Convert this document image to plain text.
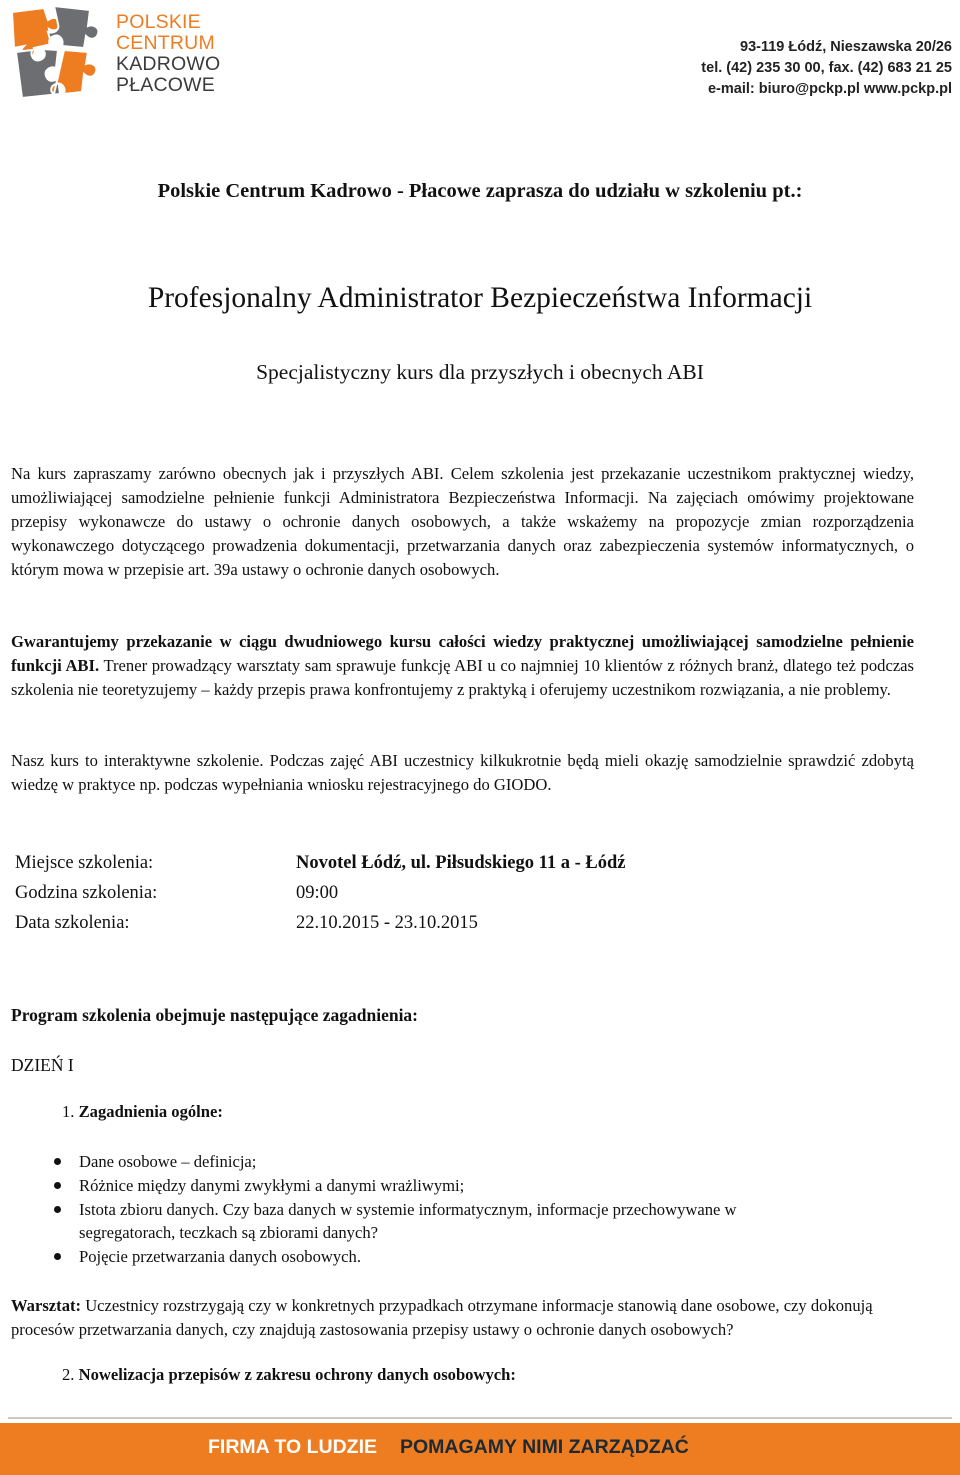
POLSKIE
CENTRUM
KADROWO
PŁACOWE
93-119 Łódź, Nieszawska 20/26
tel. (42) 235 30 00, fax. (42) 683 21 25
e-mail: biuro@pckp.pl www.pckp.pl
Polskie Centrum Kadrowo - Płacowe zaprasza do udziału w szkoleniu pt.:
Profesjonalny Administrator Bezpieczeństwa Informacji
Specjalistyczny kurs dla przyszłych i obecnych ABI
Na kurs zapraszamy zarówno obecnych jak i przyszłych ABI. Celem szkolenia jest przekazanie uczestnikom praktycznej wiedzy, umożliwiającej samodzielne pełnienie funkcji Administratora Bezpieczeństwa Informacji. Na zajęciach omówimy projektowane przepisy wykonawcze do ustawy o ochronie danych osobowych, a także wskażemy na propozycje zmian rozporządzenia wykonawczego dotyczącego prowadzenia dokumentacji, przetwarzania danych oraz zabezpieczenia systemów informatycznych, o którym mowa w przepisie art. 39a ustawy o ochronie danych osobowych.
Gwarantujemy przekazanie w ciągu dwudniowego kursu całości wiedzy praktycznej umożliwiającej samodzielne pełnienie funkcji ABI. Trener prowadzący warsztaty sam sprawuje funkcję ABI u co najmniej 10 klientów z różnych branż, dlatego też podczas szkolenia nie teoretyzujemy – każdy przepis prawa konfrontujemy z praktyką i oferujemy uczestnikom rozwiązania, a nie problemy.
Nasz kurs to interaktywne szkolenie. Podczas zajęć ABI uczestnicy kilkukrotnie będą mieli okazję samodzielnie sprawdzić zdobytą wiedzę w praktyce np. podczas wypełniania wniosku rejestracyjnego do GIODO.
Miejsce szkolenia:	Novotel Łódź, ul. Piłsudskiego 11 a - Łódź
Godzina szkolenia:	09:00
Data szkolenia:	22.10.2015 - 23.10.2015
Program szkolenia obejmuje następujące zagadnienia:
DZIEŃ I
1. Zagadnienia ogólne:
Dane osobowe – definicja;
Różnice między danymi zwykłymi a danymi wrażliwymi;
Istota zbioru danych. Czy baza danych w systemie informatycznym, informacje przechowywane w segregatorach, teczkach są zbiorami danych?
Pojęcie przetwarzania danych osobowych.
Warsztat: Uczestnicy rozstrzygają czy w konkretnych przypadkach otrzymane informacje stanowią dane osobowe, czy dokonują procesów przetwarzania danych, czy znajdują zastosowania przepisy ustawy o ochronie danych osobowych?
2. Nowelizacja przepisów z zakresu ochrony danych osobowych:
FIRMA TO LUDZIE POMAGAMY NIMI ZARZĄDZAĆ
